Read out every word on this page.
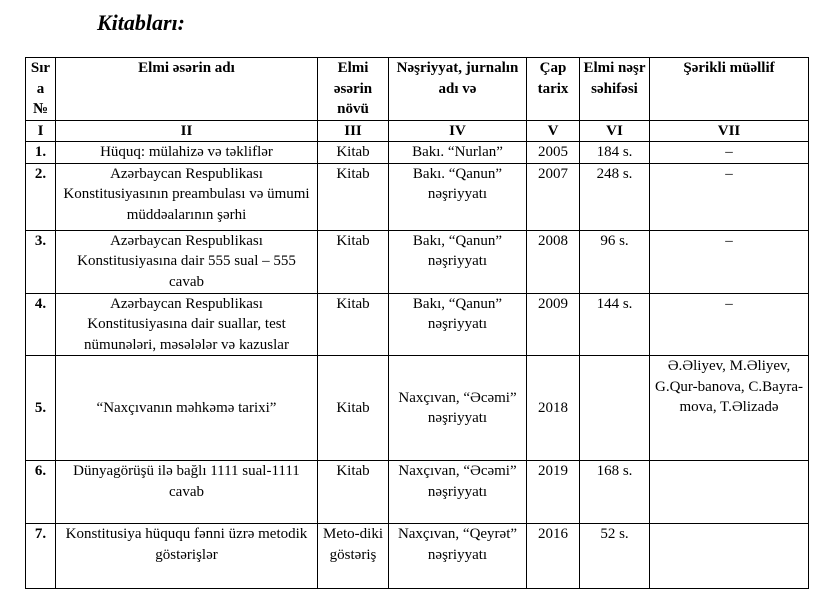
Kitabları:
Sır a №	Elmi əsərin adı	Elmi əsərin növü	Nəşriyyat, jurnalın adı və	Çap tarix	Elmi nəşr səhifəsi	Şərikli müəllif
I	II	III	IV	V	VI	VII
1.	Hüquq: mülahizə və təkliflər	Kitab	Bakı. “Nurlan”	2005	184 s.	–
2.	Azərbaycan Respublikası Konstitusiyasının preambulası və ümumi müddəalarının şərhi	Kitab	Bakı. “Qanun” nəşriyyatı	2007	248 s.	–
3.	Azərbaycan Respublikası Konstitusiyasına dair 555 sual – 555 cavab	Kitab	Bakı, “Qanun” nəşriyyatı	2008	96 s.	–
4.	Azərbaycan Respublikası Konstitusiyasına dair suallar, test nümunələri, məsələlər və kazuslar	Kitab	Bakı, “Qanun” nəşriyyatı	2009	144 s.	–
5.	“Naxçıvanın məhkəmə tarixi”	Kitab	Naxçıvan, “Əcəmi” nəşriyyatı	2018		Ə.Əliyev, M.Əliyev, G.Qur-banova, C.Bayra-mova, T.Əlizadə
6.	Dünyagörüşü ilə bağlı 1111 sual-1111 cavab	Kitab	Naxçıvan, “Əcəmi” nəşriyyatı	2019	168 s.	
7.	Konstitusiya hüququ fənni üzrə metodik göstərişlər	Meto-diki göstəriş	Naxçıvan, “Qeyrət” nəşriyyatı	2016	52 s.	
